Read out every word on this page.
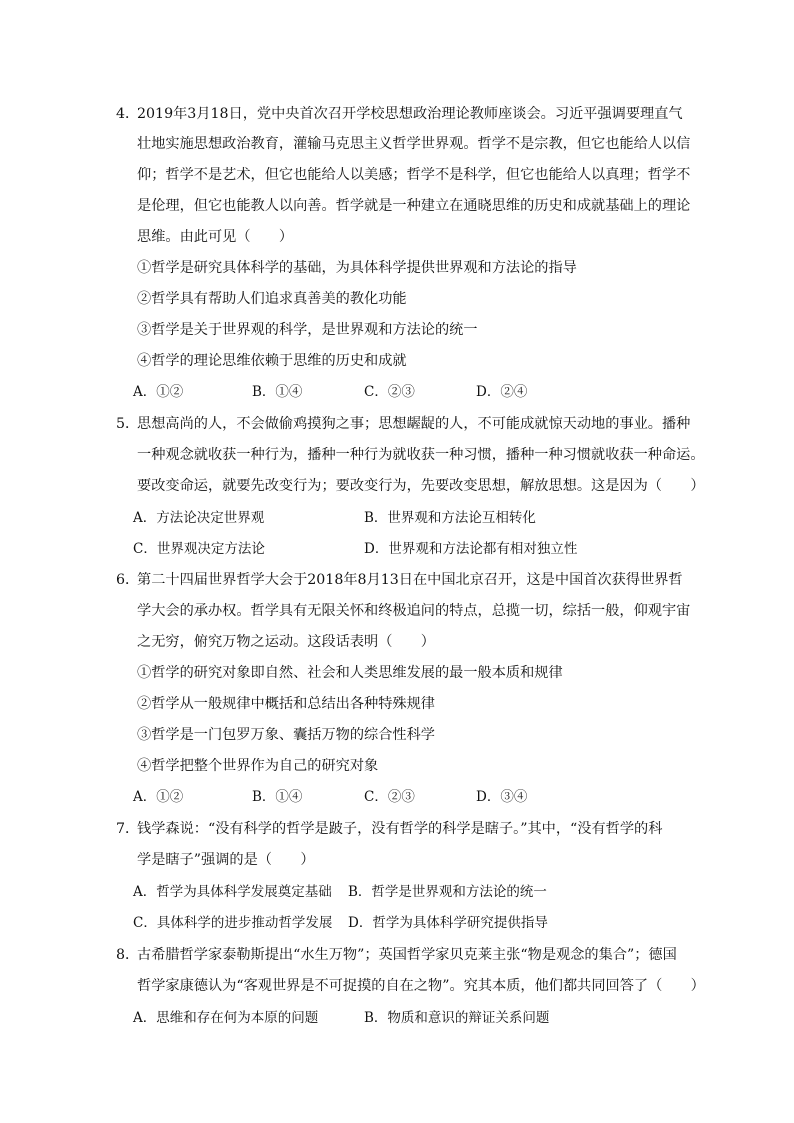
4．
2019年3月18日，党中央首次召开学校思想政治理论教师座谈会。习近平强调要理直气
壮地实施思想政治教育，灌输马克思主义哲学世界观。哲学不是宗教，但它也能给人以信
仰；哲学不是艺术，但它也能给人以美感；哲学不是科学，但它也能给人以真理；哲学不
是伦理，但它也能教人以向善。哲学就是一种建立在通晓思维的历史和成就基础上的理论
思维。由此可见（　　）
①哲学是研究具体科学的基础，为具体科学提供世界观和方法论的指导
②哲学具有帮助人们追求真善美的教化功能
③哲学是关于世界观的科学，是世界观和方法论的统一
④哲学的理论思维依赖于思维的历史和成就
A．①②	B．①④	C．②③	D．②④
5．
思想高尚的人，不会做偷鸡摸狗之事；思想龌龊的人，不可能成就惊天动地的事业。播种
一种观念就收获一种行为，播种一种行为就收获一种习惯，播种一种习惯就收获一种命运。
要改变命运，就要先改变行为；要改变行为，先要改变思想，解放思想。这是因为（　　）
A．方法论决定世界观	B．世界观和方法论互相转化
C．世界观决定方法论	D．世界观和方法论都有相对独立性
6．
第二十四届世界哲学大会于2018年8月13日在中国北京召开，这是中国首次获得世界哲
学大会的承办权。哲学具有无限关怀和终极追问的特点，总揽一切，综括一般，仰观宇宙
之无穷，俯究万物之运动。这段话表明（　　）
①哲学的研究对象即自然、社会和人类思维发展的最一般本质和规律
②哲学从一般规律中概括和总结出各种特殊规律
③哲学是一门包罗万象、囊括万物的综合性科学
④哲学把整个世界作为自己的研究对象
A．①②	B．①④	C．②③	D．③④
7．
钱学森说：“没有科学的哲学是跛子，没有哲学的科学是瞎子。”其中，“没有哲学的科
学是瞎子”强调的是（　　）
A．哲学为具体科学发展奠定基础 B．哲学是世界观和方法论的统一
C．具体科学的进步推动哲学发展 D．哲学为具体科学研究提供指导
8．
古希腊哲学家泰勒斯提出“水生万物”；英国哲学家贝克莱主张“物是观念的集合”；德国
哲学家康德认为“客观世界是不可捉摸的自在之物”。究其本质，他们都共同回答了（　　）
A．思维和存在何为本原的问题	B．物质和意识的辩证关系问题
